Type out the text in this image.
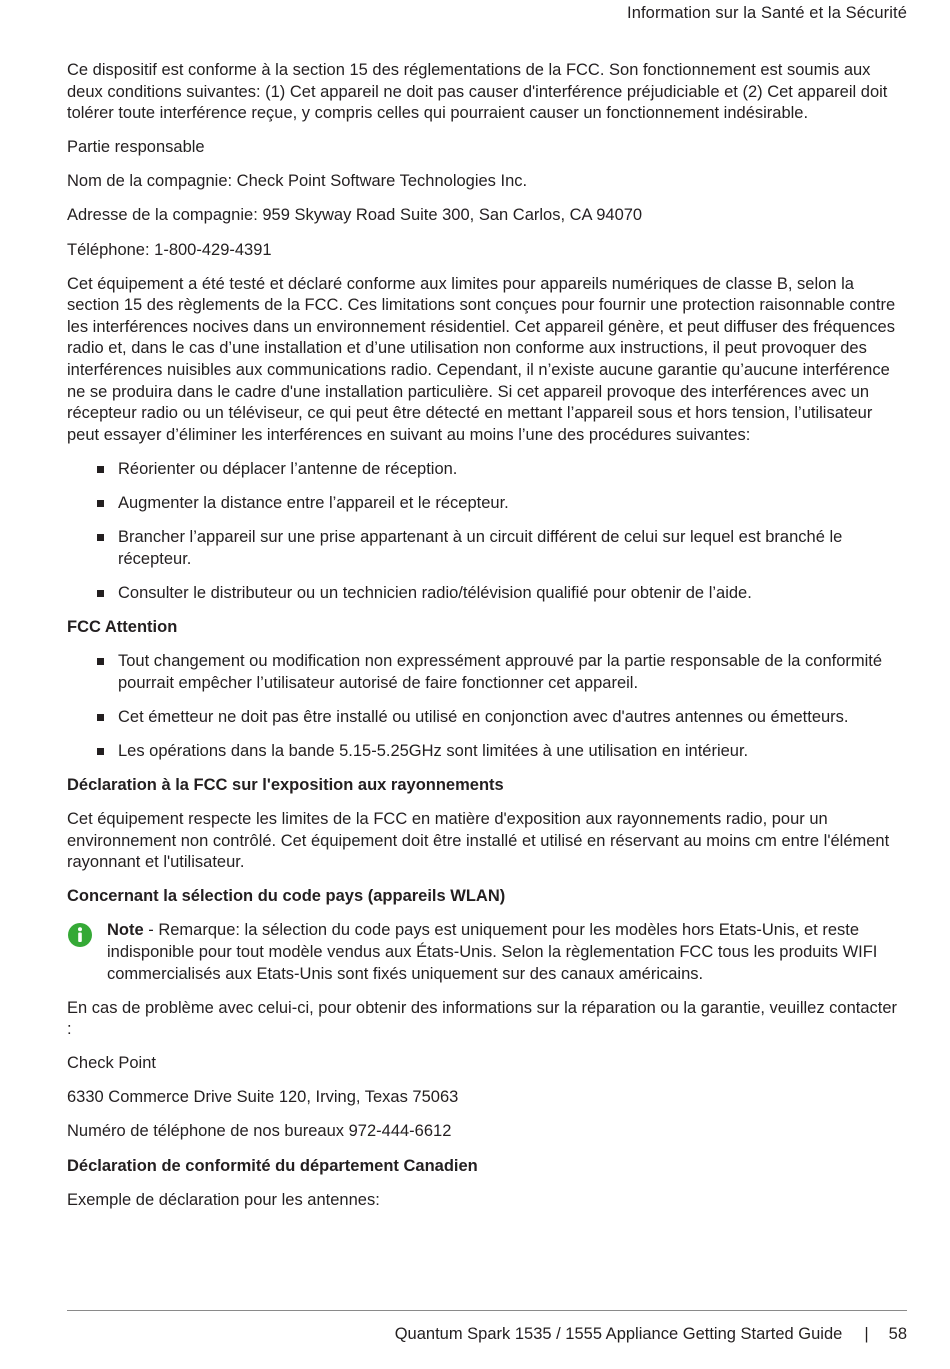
Information sur la Santé et la Sécurité

Ce dispositif est conforme à la section 15 des réglementations de la FCC. Son fonctionnement est soumis aux deux conditions suivantes: (1) Cet appareil ne doit pas causer d'interférence préjudiciable et (2) Cet appareil doit tolérer toute interférence reçue, y compris celles qui pourraient causer un fonctionnement indésirable.

Partie responsable

Nom de la compagnie: Check Point Software Technologies Inc.

Adresse de la compagnie: 959 Skyway Road Suite 300, San Carlos, CA 94070

Téléphone: 1-800-429-4391

Cet équipement a été testé et déclaré conforme aux limites pour appareils numériques de classe B, selon la section 15 des règlements de la FCC. Ces limitations sont conçues pour fournir une protection raisonnable contre les interférences nocives dans un environnement résidentiel. Cet appareil génère, et peut diffuser des fréquences radio et, dans le cas d’une installation et d’une utilisation non conforme aux instructions, il peut provoquer des interférences nuisibles aux communications radio. Cependant, il n’existe aucune garantie qu’aucune interférence ne se produira dans le cadre d'une installation particulière. Si cet appareil provoque des interférences avec un récepteur radio ou un téléviseur, ce qui peut être détecté en mettant l’appareil sous et hors tension, l’utilisateur peut essayer d’éliminer les interférences en suivant au moins l’une des procédures suivantes:

Réorienter ou déplacer l’antenne de réception.
Augmenter la distance entre l’appareil et le récepteur.
Brancher l’appareil sur une prise appartenant à un circuit différent de celui sur lequel est branché le récepteur.
Consulter le distributeur ou un technicien radio/télévision qualifié pour obtenir de l’aide.
FCC Attention
Tout changement ou modification non expressément approuvé par la partie responsable de la conformité pourrait empêcher l’utilisateur autorisé de faire fonctionner cet appareil.
Cet émetteur ne doit pas être installé ou utilisé en conjonction avec d'autres antennes ou émetteurs.
Les opérations dans la bande 5.15-5.25GHz sont limitées à une utilisation en intérieur.
Déclaration à la FCC sur l'exposition aux rayonnements

Cet équipement respecte les limites de la FCC en matière d'exposition aux rayonnements radio, pour un environnement non contrôlé. Cet équipement doit être installé et utilisé en réservant au moins cm entre l'élément rayonnant et l'utilisateur.

Concernant la sélection du code pays (appareils WLAN)
Note - Remarque: la sélection du code pays est uniquement pour les modèles hors Etats-Unis, et reste indisponible pour tout modèle vendus aux États-Unis. Selon la règlementation FCC tous les produits WIFI commercialisés aux Etats-Unis sont fixés uniquement sur des canaux américains.

En cas de problème avec celui-ci, pour obtenir des informations sur la réparation ou la garantie, veuillez contacter :

Check Point

6330 Commerce Drive Suite 120, Irving, Texas 75063

Numéro de téléphone de nos bureaux 972-444-6612

Déclaration de conformité du département Canadien

Exemple de déclaration pour les antennes:

Quantum Spark 1535 / 1555 Appliance Getting Started Guide | 58
